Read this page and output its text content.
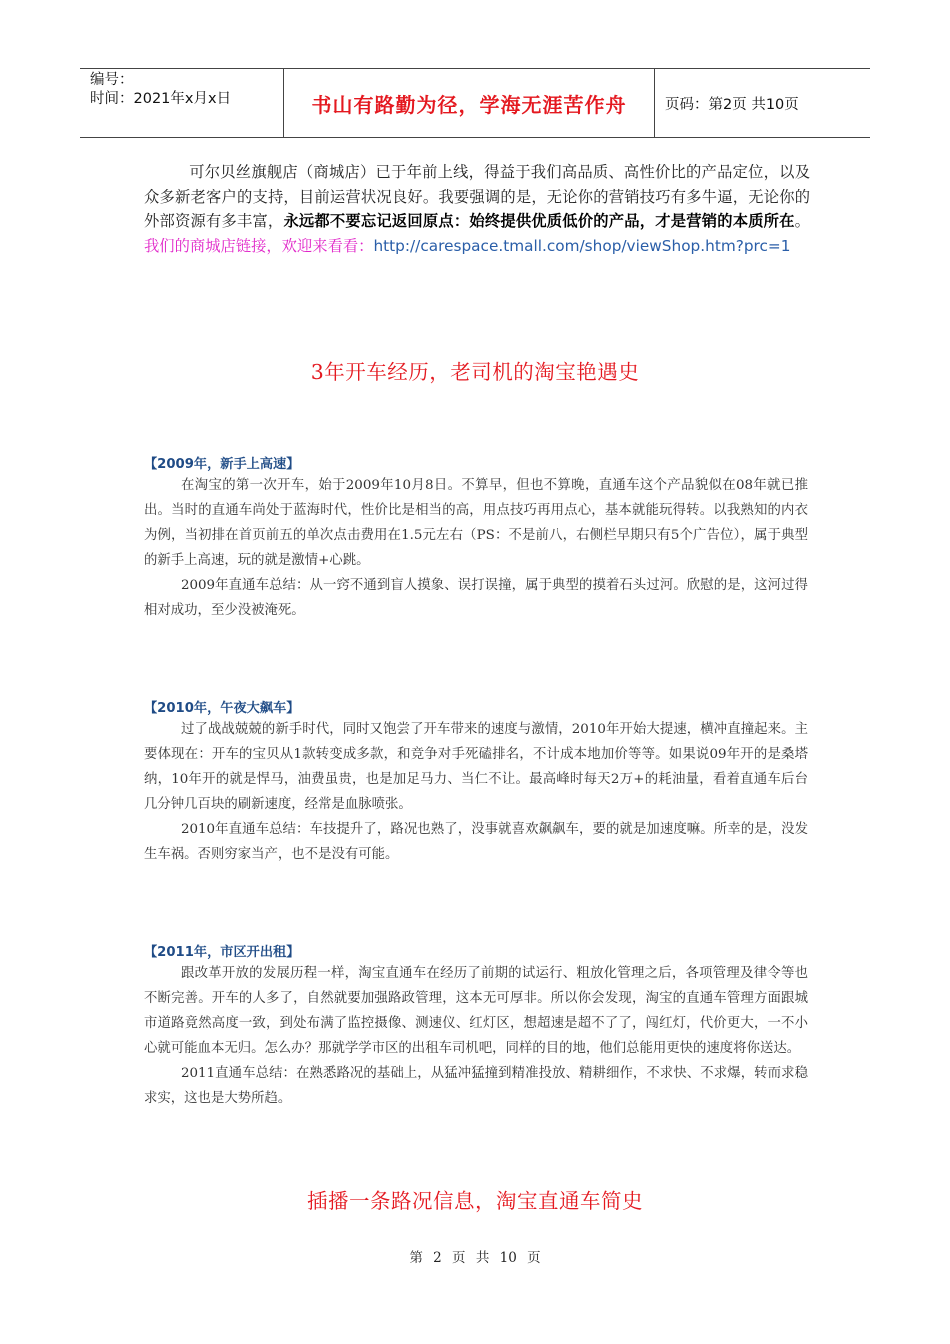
编号：
时间：2021年x月x日	书山有路勤为径，学海无涯苦作舟	页码：第2页 共10页
可尔贝丝旗舰店（商城店）已于年前上线，得益于我们高品质、高性价比的产品定位，以及众多新老客户的支持，目前运营状况良好。我要强调的是，无论你的营销技巧有多牛逼，无论你的外部资源有多丰富，永远都不要忘记返回原点：始终提供优质低价的产品，才是营销的本质所在。我们的商城店链接，欢迎来看看：http://carespace.tmall.com/shop/viewShop.htm?prc=1
3年开车经历，老司机的淘宝艳遇史
【2009年，新手上高速】

在淘宝的第一次开车，始于2009年10月8日。不算早，但也不算晚，直通车这个产品貌似在08年就已推出。当时的直通车尚处于蓝海时代，性价比是相当的高，用点技巧再用点心，基本就能玩得转。以我熟知的内衣为例，当初排在首页前五的单次点击费用在1.5元左右（PS：不是前八，右侧栏早期只有5个广告位），属于典型的新手上高速，玩的就是激情+心跳。

2009年直通车总结：从一窍不通到盲人摸象、误打误撞，属于典型的摸着石头过河。欣慰的是，这河过得相对成功，至少没被淹死。

【2010年，午夜大飙车】

过了战战兢兢的新手时代，同时又饱尝了开车带来的速度与激情，2010年开始大提速，横冲直撞起来。主要体现在：开车的宝贝从1款转变成多款，和竞争对手死磕排名，不计成本地加价等等。如果说09年开的是桑塔纳，10年开的就是悍马，油费虽贵，也是加足马力、当仁不让。最高峰时每天2万+的耗油量，看着直通车后台几分钟几百块的刷新速度，经常是血脉喷张。

2010年直通车总结：车技提升了，路况也熟了，没事就喜欢飙飙车，要的就是加速度嘛。所幸的是，没发生车祸。否则穷家当产，也不是没有可能。

【2011年，市区开出租】

跟改革开放的发展历程一样，淘宝直通车在经历了前期的试运行、粗放化管理之后，各项管理及律令等也不断完善。开车的人多了，自然就要加强路政管理，这本无可厚非。所以你会发现，淘宝的直通车管理方面跟城市道路竟然高度一致，到处布满了监控摄像、测速仪、红灯区，想超速是超不了了，闯红灯，代价更大，一不小心就可能血本无归。怎么办？那就学学市区的出租车司机吧，同样的目的地，他们总能用更快的速度将你送达。

2011直通车总结：在熟悉路况的基础上，从猛冲猛撞到精准投放、精耕细作，不求快、不求爆，转而求稳求实，这也是大势所趋。

插播一条路况信息，淘宝直通车简史
第 2 页 共 10 页
